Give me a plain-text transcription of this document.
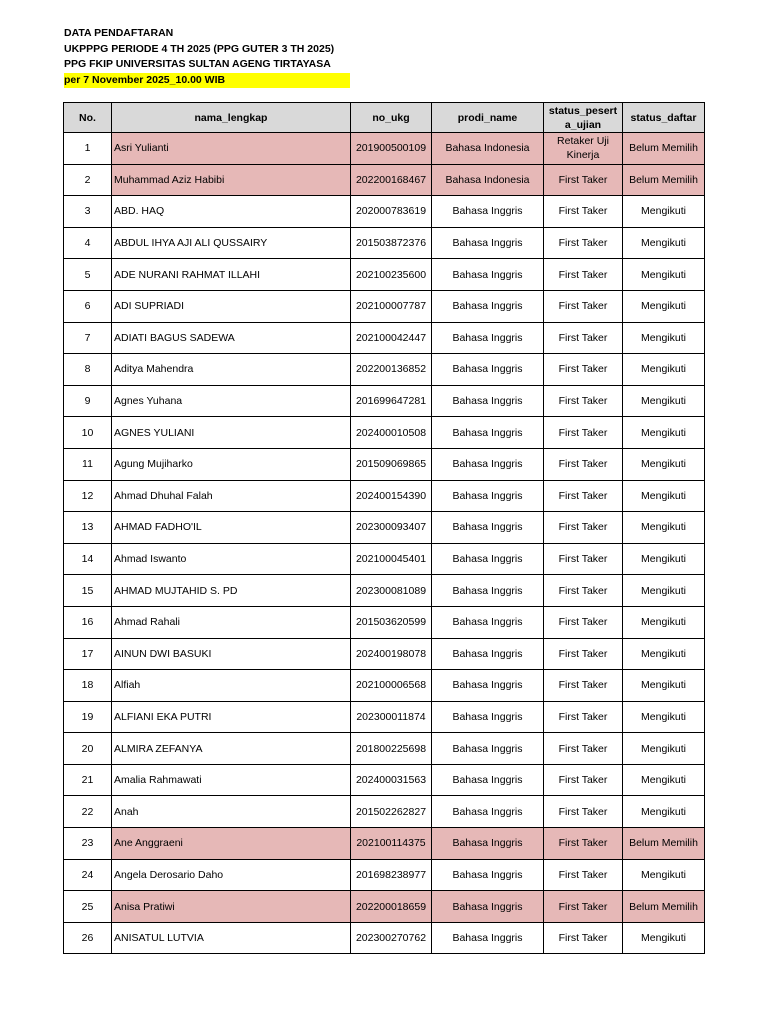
DATA PENDAFTARAN
UKPPPG PERIODE 4 TH 2025 (PPG GUTER 3 TH 2025)
PPG FKIP UNIVERSITAS SULTAN AGENG TIRTAYASA
per 7 November 2025_10.00 WIB
No.	nama_lengkap	no_ukg	prodi_name	status_peserta_ujian	status_daftar
1	Asri Yulianti	201900500109	Bahasa Indonesia	Retaker Uji Kinerja	Belum Memilih
2	Muhammad Aziz Habibi	202200168467	Bahasa Indonesia	First Taker	Belum Memilih
3	ABD. HAQ	202000783619	Bahasa Inggris	First Taker	Mengikuti
4	ABDUL IHYA AJI ALI QUSSAIRY	201503872376	Bahasa Inggris	First Taker	Mengikuti
5	ADE NURANI RAHMAT ILLAHI	202100235600	Bahasa Inggris	First Taker	Mengikuti
6	ADI SUPRIADI	202100007787	Bahasa Inggris	First Taker	Mengikuti
7	ADIATI BAGUS SADEWA	202100042447	Bahasa Inggris	First Taker	Mengikuti
8	Aditya Mahendra	202200136852	Bahasa Inggris	First Taker	Mengikuti
9	Agnes Yuhana	201699647281	Bahasa Inggris	First Taker	Mengikuti
10	AGNES YULIANI	202400010508	Bahasa Inggris	First Taker	Mengikuti
11	Agung Mujiharko	201509069865	Bahasa Inggris	First Taker	Mengikuti
12	Ahmad Dhuhal Falah	202400154390	Bahasa Inggris	First Taker	Mengikuti
13	AHMAD FADHO'IL	202300093407	Bahasa Inggris	First Taker	Mengikuti
14	Ahmad Iswanto	202100045401	Bahasa Inggris	First Taker	Mengikuti
15	AHMAD MUJTAHID S. PD	202300081089	Bahasa Inggris	First Taker	Mengikuti
16	Ahmad Rahali	201503620599	Bahasa Inggris	First Taker	Mengikuti
17	AINUN DWI BASUKI	202400198078	Bahasa Inggris	First Taker	Mengikuti
18	Alfiah	202100006568	Bahasa Inggris	First Taker	Mengikuti
19	ALFIANI EKA PUTRI	202300011874	Bahasa Inggris	First Taker	Mengikuti
20	ALMIRA ZEFANYA	201800225698	Bahasa Inggris	First Taker	Mengikuti
21	Amalia Rahmawati	202400031563	Bahasa Inggris	First Taker	Mengikuti
22	Anah	201502262827	Bahasa Inggris	First Taker	Mengikuti
23	Ane Anggraeni	202100114375	Bahasa Inggris	First Taker	Belum Memilih
24	Angela Derosario Daho	201698238977	Bahasa Inggris	First Taker	Mengikuti
25	Anisa Pratiwi	202200018659	Bahasa Inggris	First Taker	Belum Memilih
26	ANISATUL LUTVIA	202300270762	Bahasa Inggris	First Taker	Mengikuti
